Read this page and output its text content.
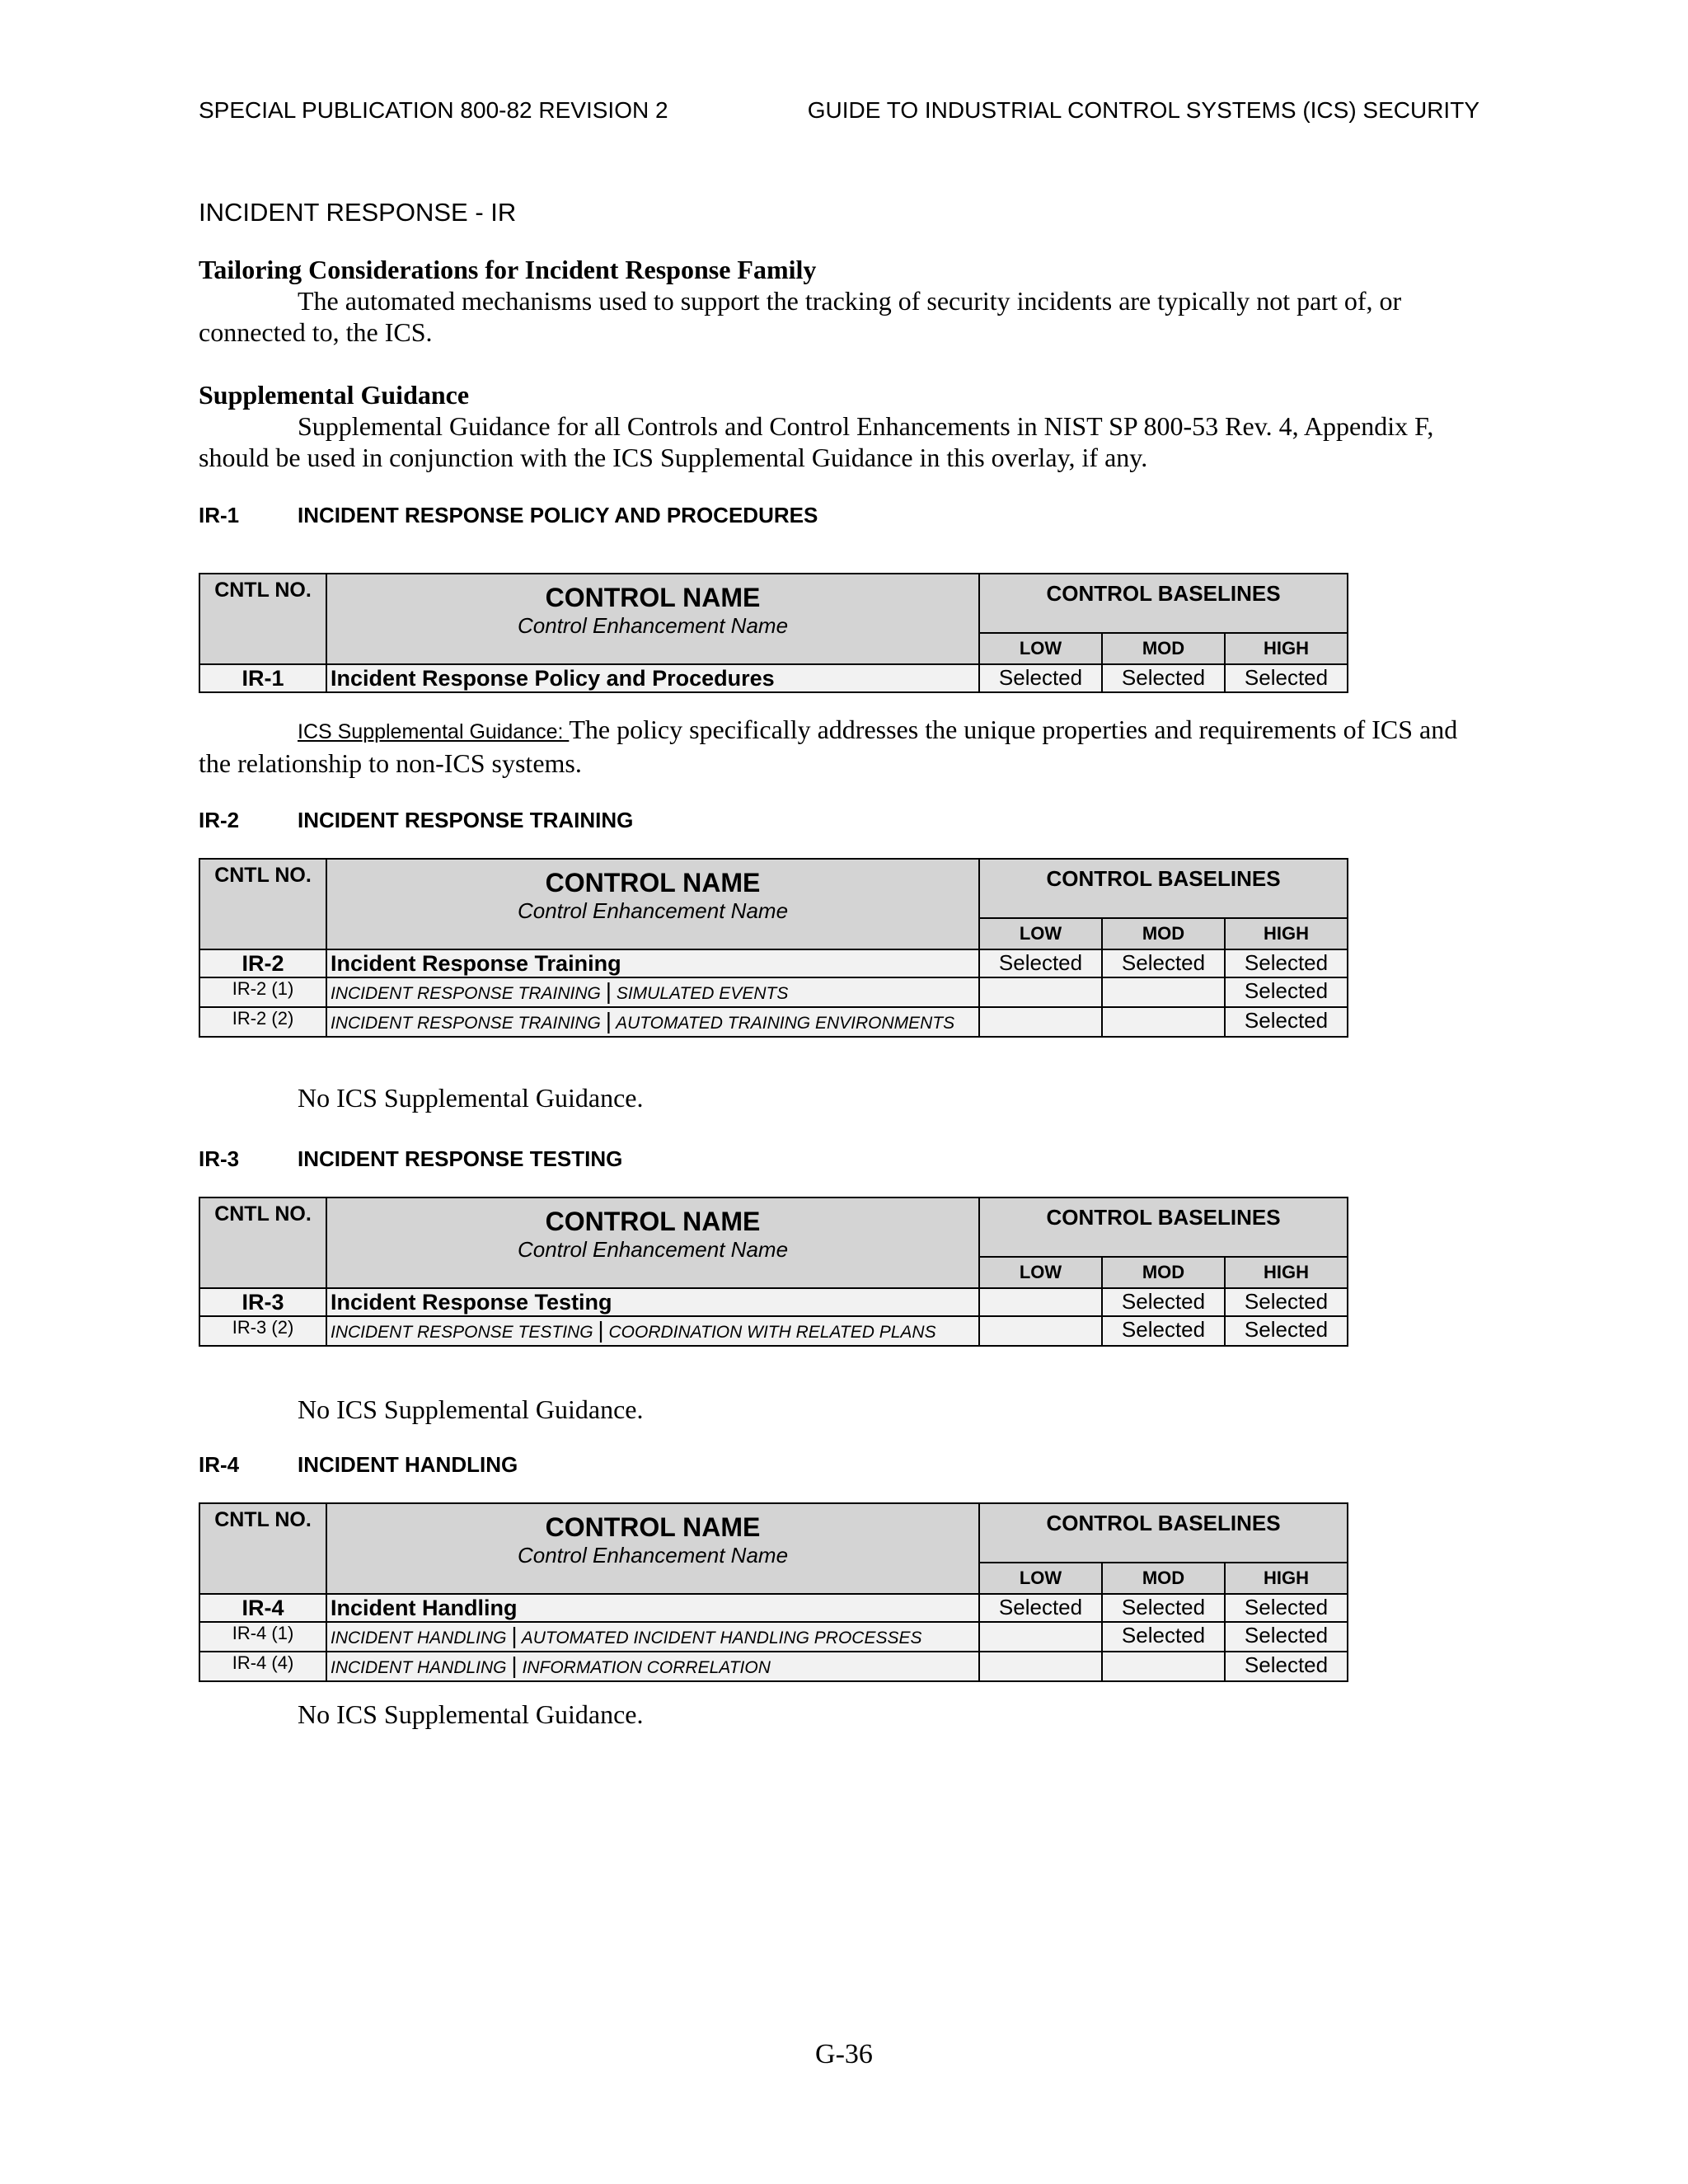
SPECIAL PUBLICATION 800-82 REVISION 2	GUIDE TO INDUSTRIAL CONTROL SYSTEMS (ICS) SECURITY
INCIDENT RESPONSE - IR
Tailoring Considerations for Incident Response Family

The automated mechanisms used to support the tracking of security incidents are typically not part of, or connected to, the ICS.

Supplemental Guidance

Supplemental Guidance for all Controls and Control Enhancements in NIST SP 800-53 Rev. 4, Appendix F, should be used in conjunction with the ICS Supplemental Guidance in this overlay, if any.

IR-1	INCIDENT RESPONSE POLICY AND PROCEDURES
CNTL NO.	CONTROL NAME
Control Enhancement Name	CONTROL BASELINES		
		LOW	MOD	HIGH
IR-1	Incident Response Policy and Procedures	Selected	Selected	Selected

ICS Supplemental Guidance: The policy specifically addresses the unique properties and requirements of ICS and the relationship to non-ICS systems.

IR-2	INCIDENT RESPONSE TRAINING
CNTL NO.	CONTROL NAME
Control Enhancement Name	CONTROL BASELINES		
		LOW	MOD	HIGH
IR-2	Incident Response Training	Selected	Selected	Selected
IR-2 (1)	INCIDENT RESPONSE TRAINING | SIMULATED EVENTS			Selected
IR-2 (2)	INCIDENT RESPONSE TRAINING | AUTOMATED TRAINING ENVIRONMENTS			Selected
No ICS Supplemental Guidance.
IR-3	INCIDENT RESPONSE TESTING
CNTL NO.	CONTROL NAME
Control Enhancement Name	CONTROL BASELINES		
		LOW	MOD	HIGH
IR-3	Incident Response Testing		Selected	Selected
IR-3 (2)	INCIDENT RESPONSE TESTING | COORDINATION WITH RELATED PLANS		Selected	Selected
No ICS Supplemental Guidance.
IR-4	INCIDENT HANDLING
CNTL NO.	CONTROL NAME
Control Enhancement Name	CONTROL BASELINES		
		LOW	MOD	HIGH
IR-4	Incident Handling	Selected	Selected	Selected
IR-4 (1)	INCIDENT HANDLING | AUTOMATED INCIDENT HANDLING PROCESSES		Selected	Selected
IR-4 (4)	INCIDENT HANDLING | INFORMATION CORRELATION			Selected
No ICS Supplemental Guidance.
G-36
